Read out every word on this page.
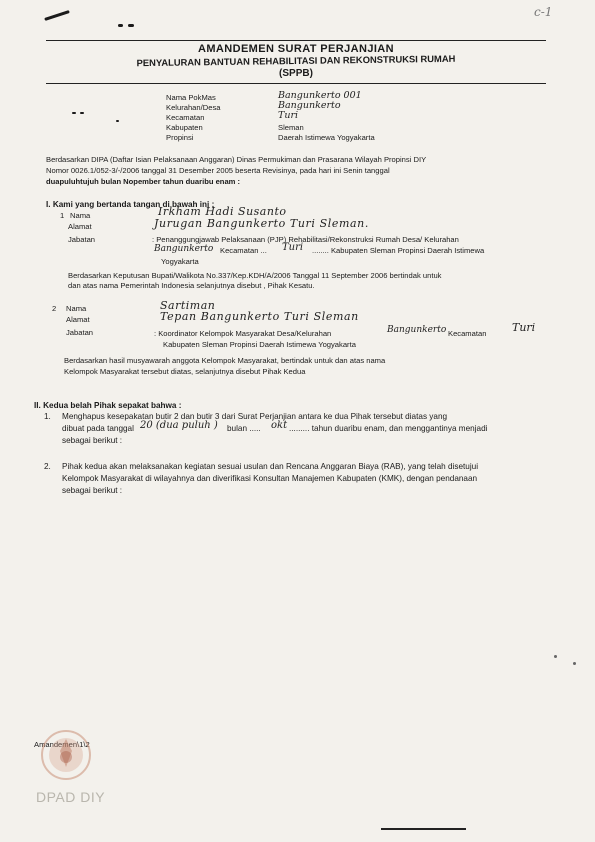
c-1
AMANDEMEN SURAT PERJANJIAN
PENYALURAN BANTUAN REHABILITASI DAN REKONSTRUKSI RUMAH
(SPPB)
Nama PokMas	Bangunkerto 001
Kelurahan/Desa	Bangunkerto
Kecamatan	Turi
Kabupaten	Sleman
Propinsi	Daerah Istimewa Yogyakarta
Berdasarkan DIPA (Daftar Isian Pelaksanaan Anggaran) Dinas Permukiman dan Prasarana Wilayah Propinsi DIY
Nomor 0026.1/052-3/-/2006 tanggal 31 Desember 2005 beserta Revisinya, pada hari ini Senin tanggal
duapuluhtujuh bulan Nopember tahun duaribu enam :
I. Kami yang bertanda tangan di bawah ini :
1 Nama	Irkham Hadi Susanto
Alamat	Jurugan Bangunkerto Turi Sleman.
Jabatan	: Penanggungjawab Pelaksanaan (PJP) Rehabilitasi/Rekonstruksi Rumah Desa/ Kelurahan
Bangunkerto Kecamatan ... Turi ........ Kabupaten Sleman Propinsi Daerah Istimewa
Yogyakarta
Berdasarkan Keputusan Bupati/Walikota No.337/Kep.KDH/A/2006 Tanggal 11 September 2006 bertindak untuk
dan atas nama Pemerintah Indonesia selanjutnya disebut , Pihak Kesatu.
2 Nama	Sartiman
Alamat	Tepan Bangunkerto Turi Sleman
Jabatan	: Koordinator Kelompok Masyarakat Desa/Kelurahan	Bangunkerto Kecamatan Turi
Kabupaten Sleman Propinsi Daerah Istimewa Yogyakarta
Berdasarkan hasil musyawarah anggota Kelompok Masyarakat, bertindak untuk dan atas nama
Kelompok Masyarakat tersebut diatas, selanjutnya disebut Pihak Kedua
II. Kedua belah Pihak sepakat bahwa :
1. Menghapus kesepakatan butir 2 dan butir 3 dari Surat Perjanjian antara ke dua Pihak tersebut diatas yang
dibuat pada tanggal 20 (dua puluh ) bulan ..... okt ......... tahun duaribu enam, dan menggantinya menjadi
sebagai berikut :
2. Pihak kedua akan melaksanakan kegiatan sesuai usulan dan Rencana Anggaran Biaya (RAB), yang telah disetujui
Kelompok Masyarakat di wilayahnya dan diverifikasi Konsultan Manajemen Kabupaten (KMK), dengan pendanaan
sebagai berikut :
Amandemen\1\2
DPAD DIY
